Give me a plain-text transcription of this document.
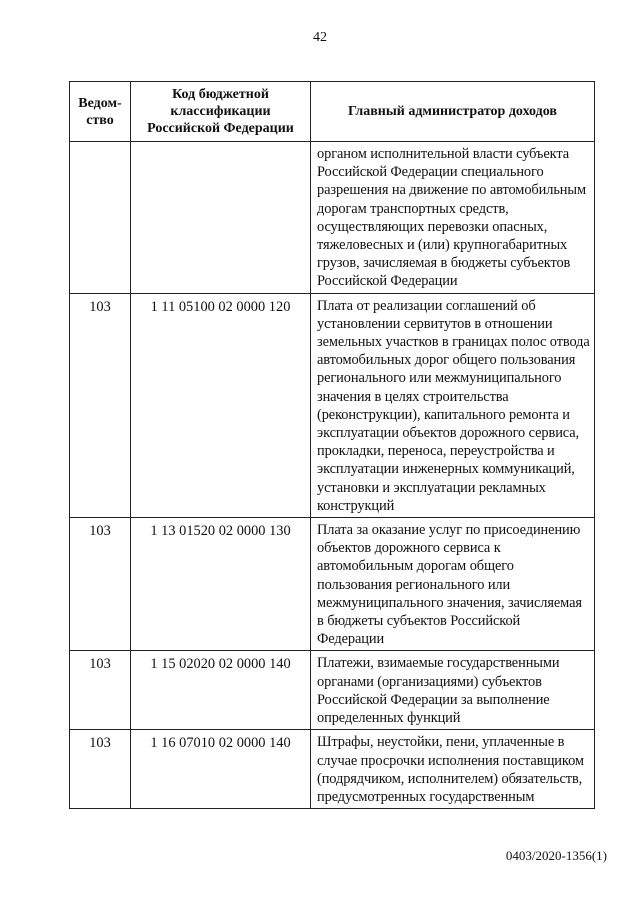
42
Ведом-ство	Код бюджетной классификации Российской Федерации	Главный администратор доходов
		органом исполнительной власти субъекта Российской Федерации специального разрешения на движение по автомобильным дорогам транспортных средств, осуществляющих перевозки опасных, тяжеловесных и (или) крупногабаритных грузов, зачисляемая в бюджеты субъектов Российской Федерации
103	1 11 05100 02 0000 120	Плата от реализации соглашений об установлении сервитутов в отношении земельных участков в границах полос отвода автомобильных дорог общего пользования регионального или межмуниципального значения в целях строительства (реконструкции), капитального ремонта и эксплуатации объектов дорожного сервиса, прокладки, переноса, переустройства и эксплуатации инженерных коммуникаций, установки и эксплуатации рекламных конструкций
103	1 13 01520 02 0000 130	Плата за оказание услуг по присоединению объектов дорожного сервиса к автомобильным дорогам общего пользования регионального или межмуниципального значения, зачисляемая в бюджеты субъектов Российской Федерации
103	1 15 02020 02 0000 140	Платежи, взимаемые государственными органами (организациями) субъектов Российской Федерации за выполнение определенных функций
103	1 16 07010 02 0000 140	Штрафы, неустойки, пени, уплаченные в случае просрочки исполнения поставщиком (подрядчиком, исполнителем) обязательств, предусмотренных государственным
0403/2020-1356(1)
